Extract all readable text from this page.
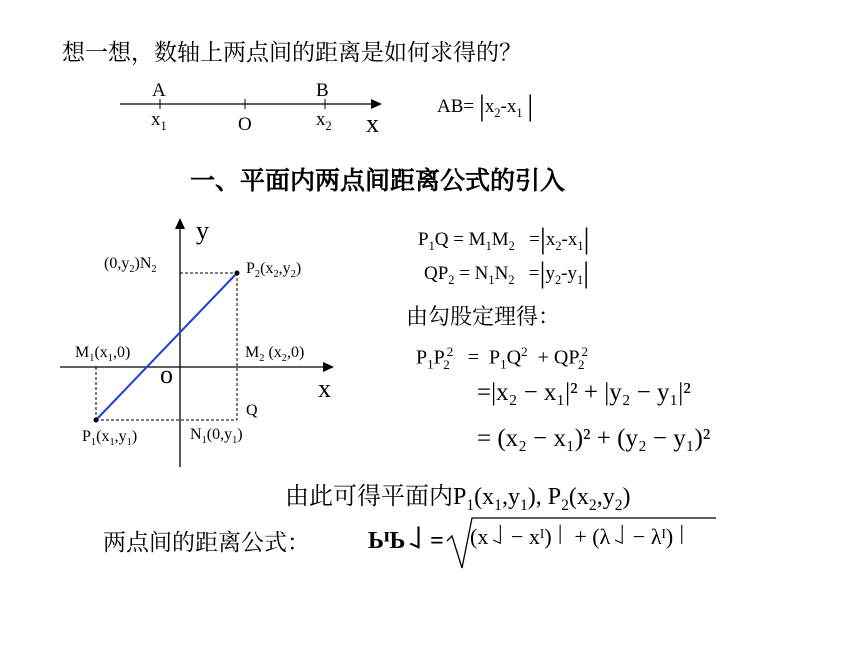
想一想，数轴上两点间的距离是如何求得的？
A	B
$x_1$	O	$x_2$ x
$AB= |x_2-x_1$ |
一、平面内两点间距离公式的引入
y
x
o
$(0,y_2)N_2$	$P_2(x_2,y_2)$
$M_1(x_1,0)$	$M_2$ $(x_2,0)$
Q
$P_1(x_1,y_1)$	$N_1(0,y_1)$
$P_1Q = M_1M_2 =|x_2-x_1|$
$QP_2 = N_1N_2 =|y_2-y_1|$
由勾股定理得：
$P_1P$ $^2_2 = P_1Q^2$ + QP $^2_2$
=|x₂ − x₁|² + |y₂ − y₁|²
= (x₂ − x₁)² + (y₂ − y₁)²
由此可得平面内$P_1(x_1,y_1)$, $P_2(x_2,y_2)$
两点间的距离公式： ЬᴵЬ꒑ = (x꒑ − xᴵ)꒐ + (λ꒑ − λᴵ)꒐
